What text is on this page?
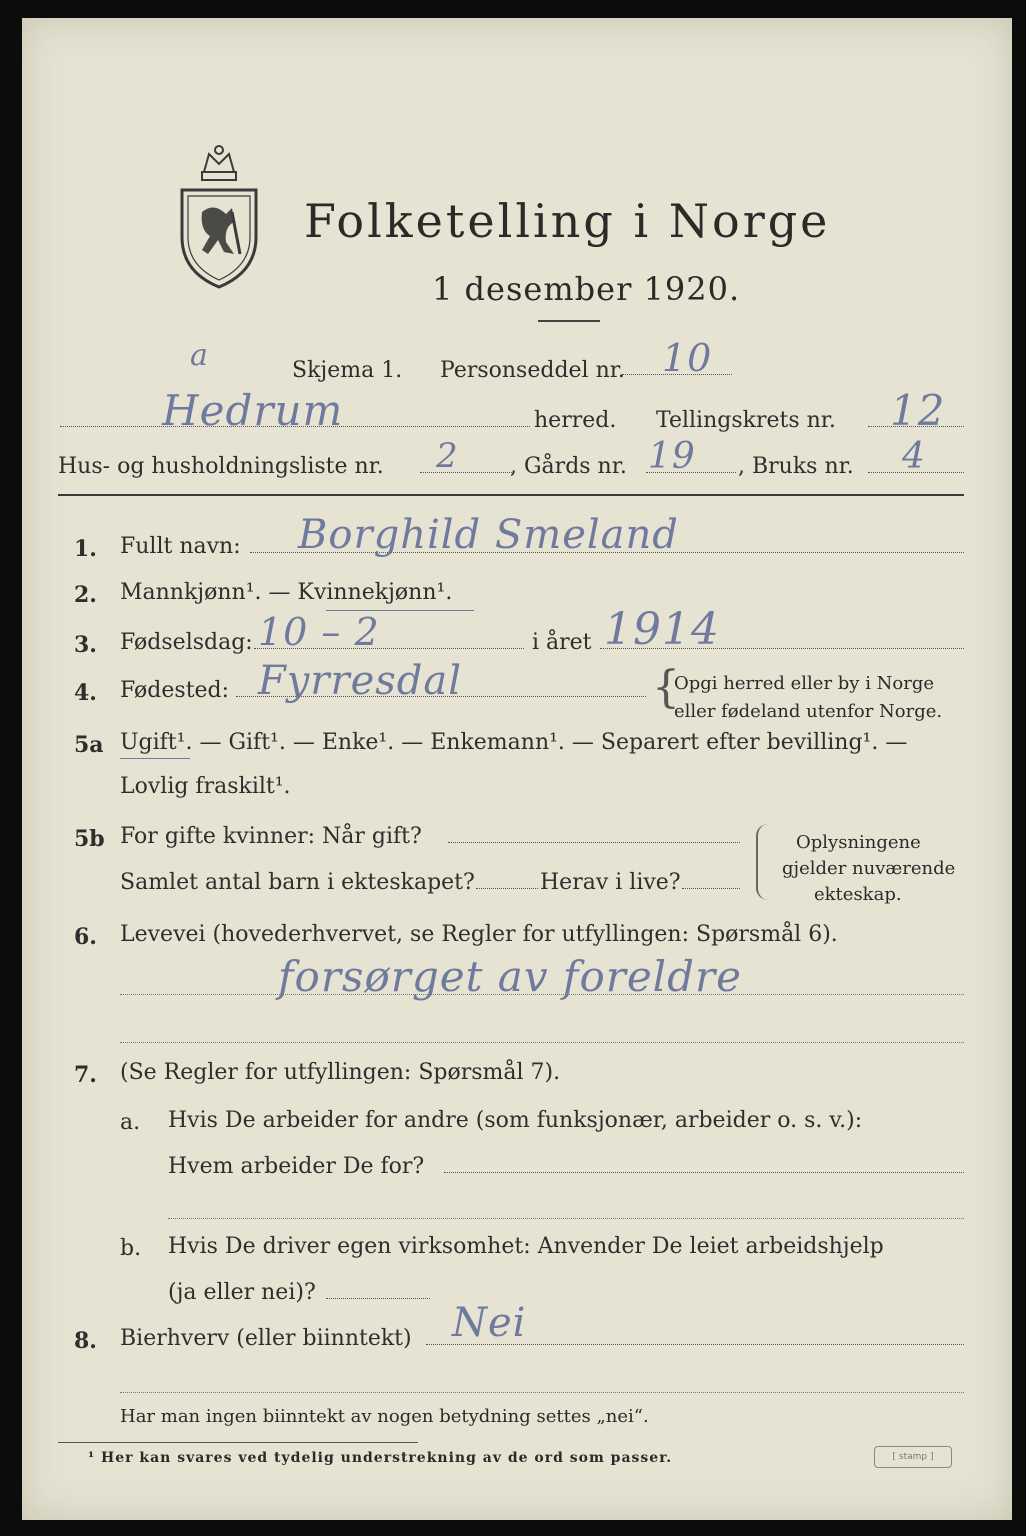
Folketelling i Norge
1 desember 1920.
a	Skjema 1. Personseddel nr. 10
Hedrum	herred. Tellingskrets nr. 12
Hus- og husholdningsliste nr. 2 , Gårds nr. 19 , Bruks nr. 4
1. Fullt navn: Borghild Smeland
2. Mannkjønn¹. — Kvinnekjønn¹.
3. Fødselsdag: 10 – 2	i året 1914
4. Fødested: Fyrresdal	{
Opgi herred eller by i Norge
eller fødeland utenfor Norge.
5a Ugift¹. — Gift¹. — Enke¹. — Enkemann¹. — Separert efter bevilling¹. —
Lovlig fraskilt¹.
5b For gifte kvinner: Når gift?
Samlet antal barn i ekteskapet?	Herav i live?
Oplysningene
gjelder nuværende
ekteskap.
6. Levevei (hovederhvervet, se Regler for utfyllingen: Spørsmål 6).
forsørget av foreldre
7. (Se Regler for utfyllingen: Spørsmål 7).
a. Hvis De arbeider for andre (som funksjonær, arbeider o. s. v.):
Hvem arbeider De for?
b. Hvis De driver egen virksomhet: Anvender De leiet arbeidshjelp
(ja eller nei)?
8. Bierhverv (eller biinntekt) Nei
Har man ingen biinntekt av nogen betydning settes „nei“.
¹ Her kan svares ved tydelig understrekning av de ord som passer.	[ stamp ]
